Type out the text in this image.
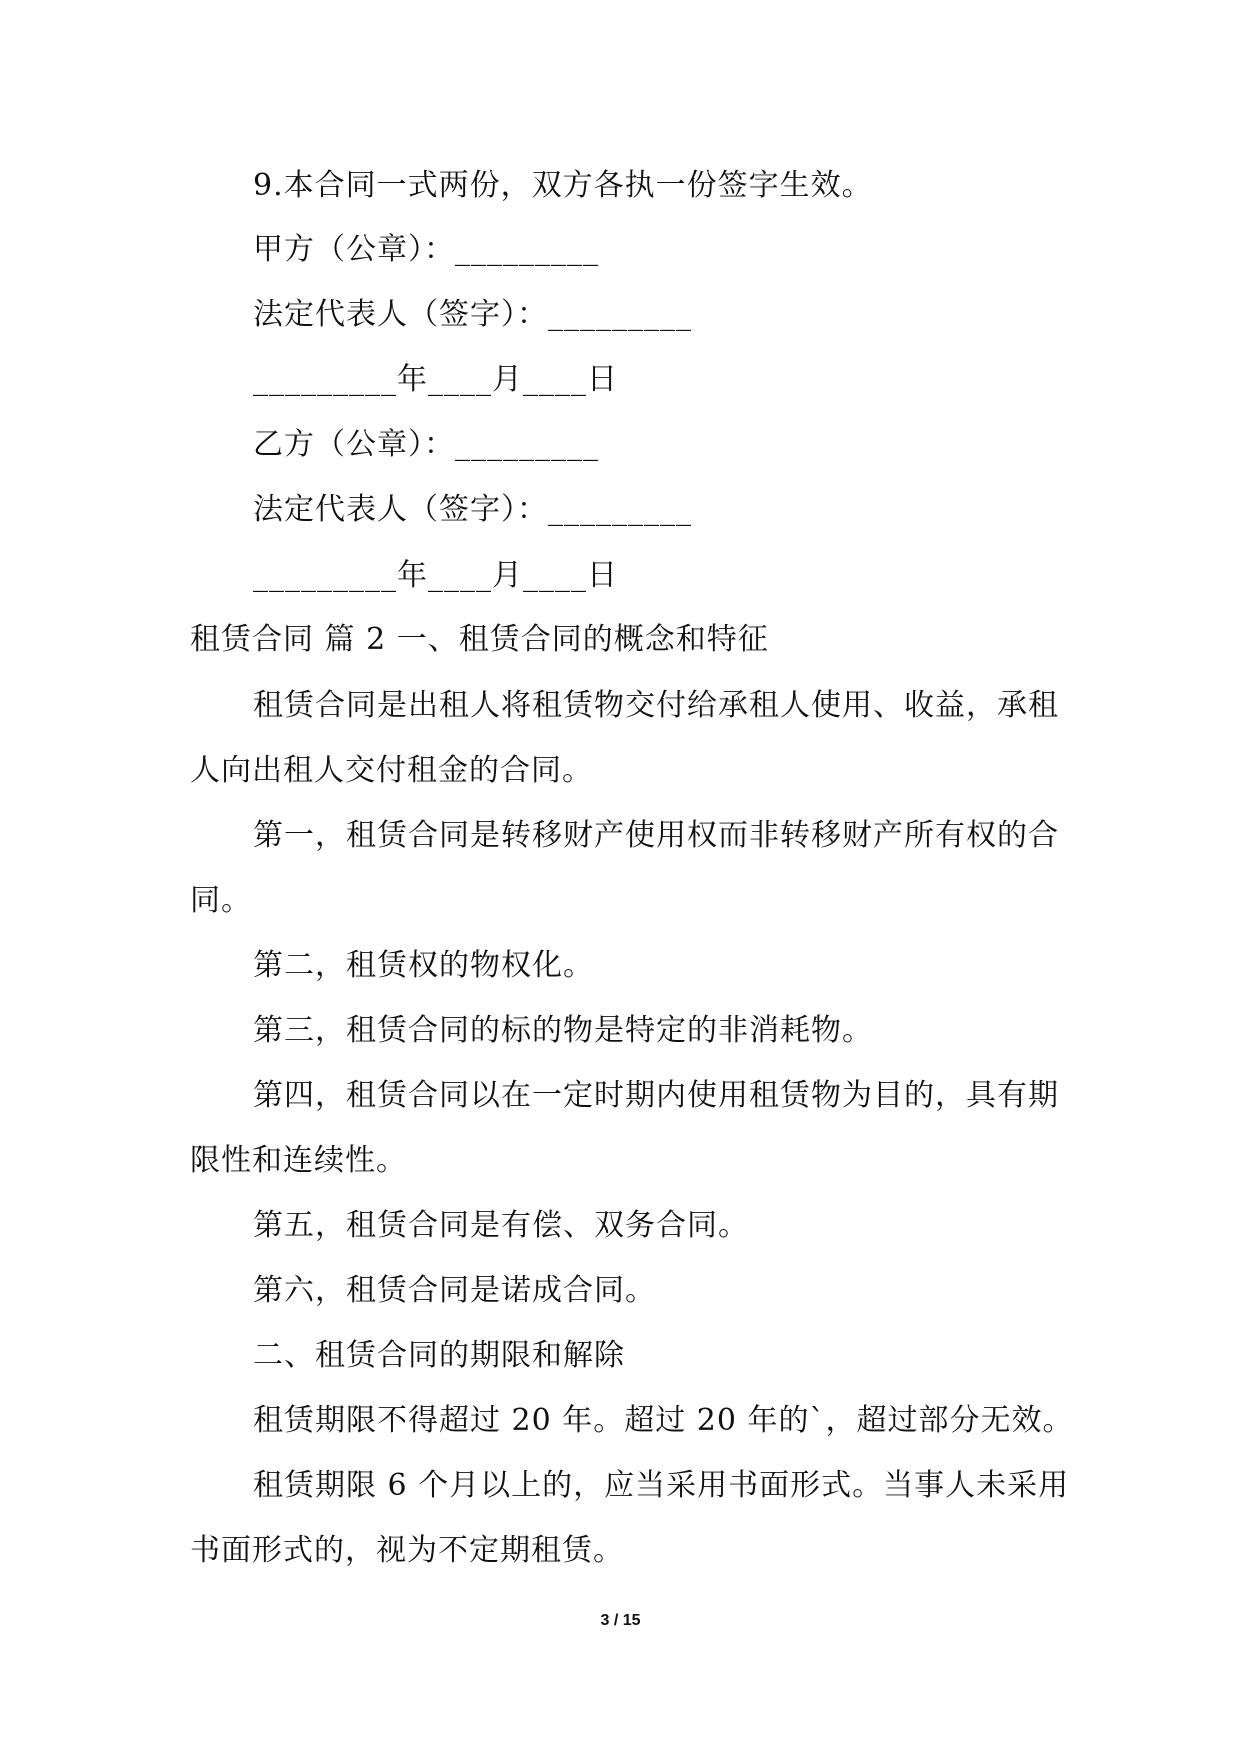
9.本合同一式两份，双方各执一份签字生效。
甲方（公章）：_________
法定代表人（签字）：_________
_________年____月____日
乙方（公章）：_________
法定代表人（签字）：_________
_________年____月____日
租赁合同 篇 2 一、租赁合同的概念和特征
租赁合同是出租人将租赁物交付给承租人使用、收益，承租
人向出租人交付租金的合同。
第一，租赁合同是转移财产使用权而非转移财产所有权的合
同。
第二，租赁权的物权化。
第三，租赁合同的标的物是特定的非消耗物。
第四，租赁合同以在一定时期内使用租赁物为目的，具有期
限性和连续性。
第五，租赁合同是有偿、双务合同。
第六，租赁合同是诺成合同。
二、租赁合同的期限和解除
租赁期限不得超过 20 年。超过 20 年的`，超过部分无效。
租赁期限 6 个月以上的，应当采用书面形式。当事人未采用
书面形式的，视为不定期租赁。
3 / 15
